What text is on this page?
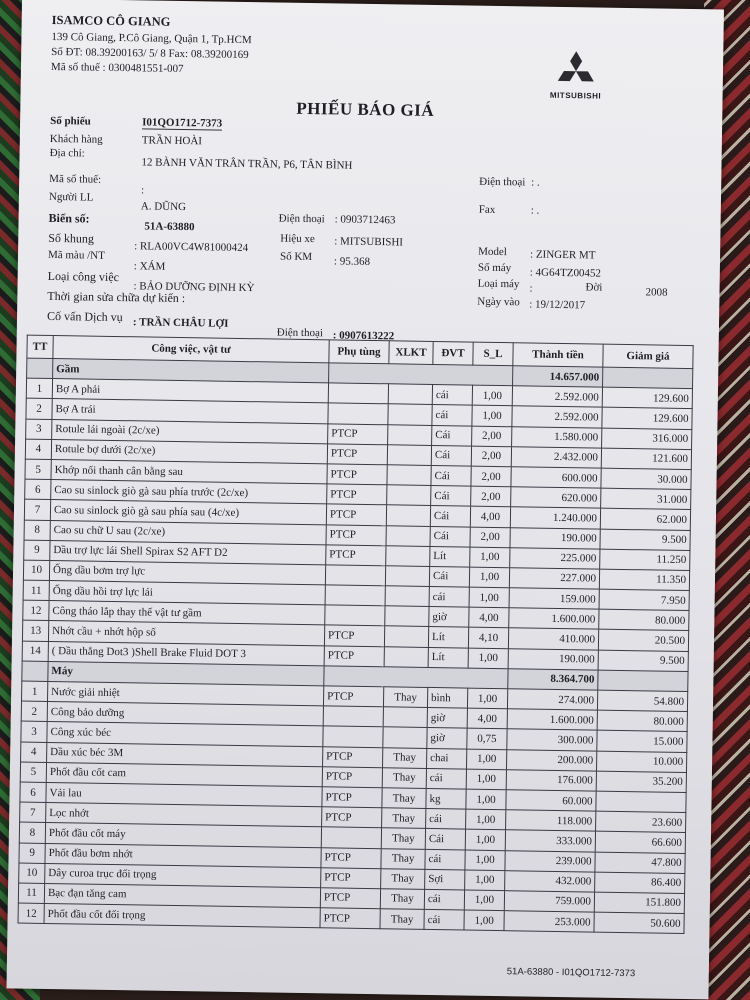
ISAMCO CÔ GIANG
139 Cô Giang, P.Cô Giang, Quận 1, Tp.HCM
Số ĐT: 08.39200163/ 5/ 8 Fax: 08.39200169
Mã số thuế : 0300481551-007
MITSUBISHI
PHIẾU BÁO GIÁ
Số phiếu	I01QO1712-7373
Khách hàng	TRẦN HOÀI
Địa chỉ:
12 BÀNH VĂN TRÂN TRẦN, P6, TÂN BÌNH
Điện thoại : .
Mã số thuế:
:
Fax	: .
Người LL
A. DŨNG
Điện thoại : 0903712463
Biển số:
51A-63880
Số khung
: RLA00VC4W81000424
Hiệu xe : MITSUBISHI
Số KM : 95.368
Model : ZINGER MT
Mã màu /NT
: XÁM	Số máy : 4G64TZ00452
Loại công việc
: BẢO DƯỠNG ĐỊNH KỲ	Loại máy :	Đời	2008
Thời gian sửa chữa dự kiến :	Ngày vào : 19/12/2017
Cố vấn Dịch vụ : TRẦN CHÂU LỢI
Điện thoại : 0907613222
TT	Công việc, vật tư	Phụ tùng	XLKT	ĐVT	S_L	Thành tiền	Giảm giá
	Gầm					14.657.000	
1	Bợ A phải			cái	1,00	2.592.000	129.600
2	Bợ A trái			cái	1,00	2.592.000	129.600
3	Rotule lái ngoài (2c/xe)	PTCP		Cái	2,00	1.580.000	316.000
4	Rotule bợ dưới (2c/xe)	PTCP		Cái	2,00	2.432.000	121.600
5	Khớp nối thanh cân bằng sau	PTCP		Cái	2,00	600.000	30.000
6	Cao su sinlock giò gà sau phía trước (2c/xe)	PTCP		Cái	2,00	620.000	31.000
7	Cao su sinlock giò gà sau phía sau (4c/xe)	PTCP		Cái	4,00	1.240.000	62.000
8	Cao su chữ U sau (2c/xe)	PTCP		Cái	2,00	190.000	9.500
9	Dầu trợ lực lái Shell Spirax S2 AFT D2	PTCP		Lít	1,00	225.000	11.250
10	Ống dầu bơm trợ lực			Cái	1,00	227.000	11.350
11	Ống dầu hồi trợ lực lái			cái	1,00	159.000	7.950
12	Công tháo lắp thay thế vật tư gầm			giờ	4,00	1.600.000	80.000
13	Nhớt cầu + nhớt hộp số	PTCP		Lít	4,10	410.000	20.500
14	( Dầu thắng Dot3 )Shell Brake Fluid DOT 3	PTCP		Lít	1,00	190.000	9.500
	Máy					8.364.700	
1	Nước giải nhiệt	PTCP	Thay	bình	1,00	274.000	54.800
2	Công bảo dưỡng			giờ	4,00	1.600.000	80.000
3	Công xúc béc			giờ	0,75	300.000	15.000
4	Dầu xúc béc 3M	PTCP	Thay	chai	1,00	200.000	10.000
5	Phốt đầu cốt cam	PTCP	Thay	cái	1,00	176.000	35.200
6	Vải lau	PTCP	Thay	kg	1,00	60.000	
7	Lọc nhớt	PTCP	Thay	cái	1,00	118.000	23.600
8	Phốt đầu cốt máy		Thay	Cái	1,00	333.000	66.600
9	Phốt đầu bơm nhớt	PTCP	Thay	cái	1,00	239.000	47.800
10	Dây curoa trục đối trọng	PTCP	Thay	Sợi	1,00	432.000	86.400
11	Bạc đạn tăng cam	PTCP	Thay	cái	1,00	759.000	151.800
12	Phốt đầu cốt đối trọng	PTCP	Thay	cái	1,00	253.000	50.600
51A-63880 - I01QO1712-7373
